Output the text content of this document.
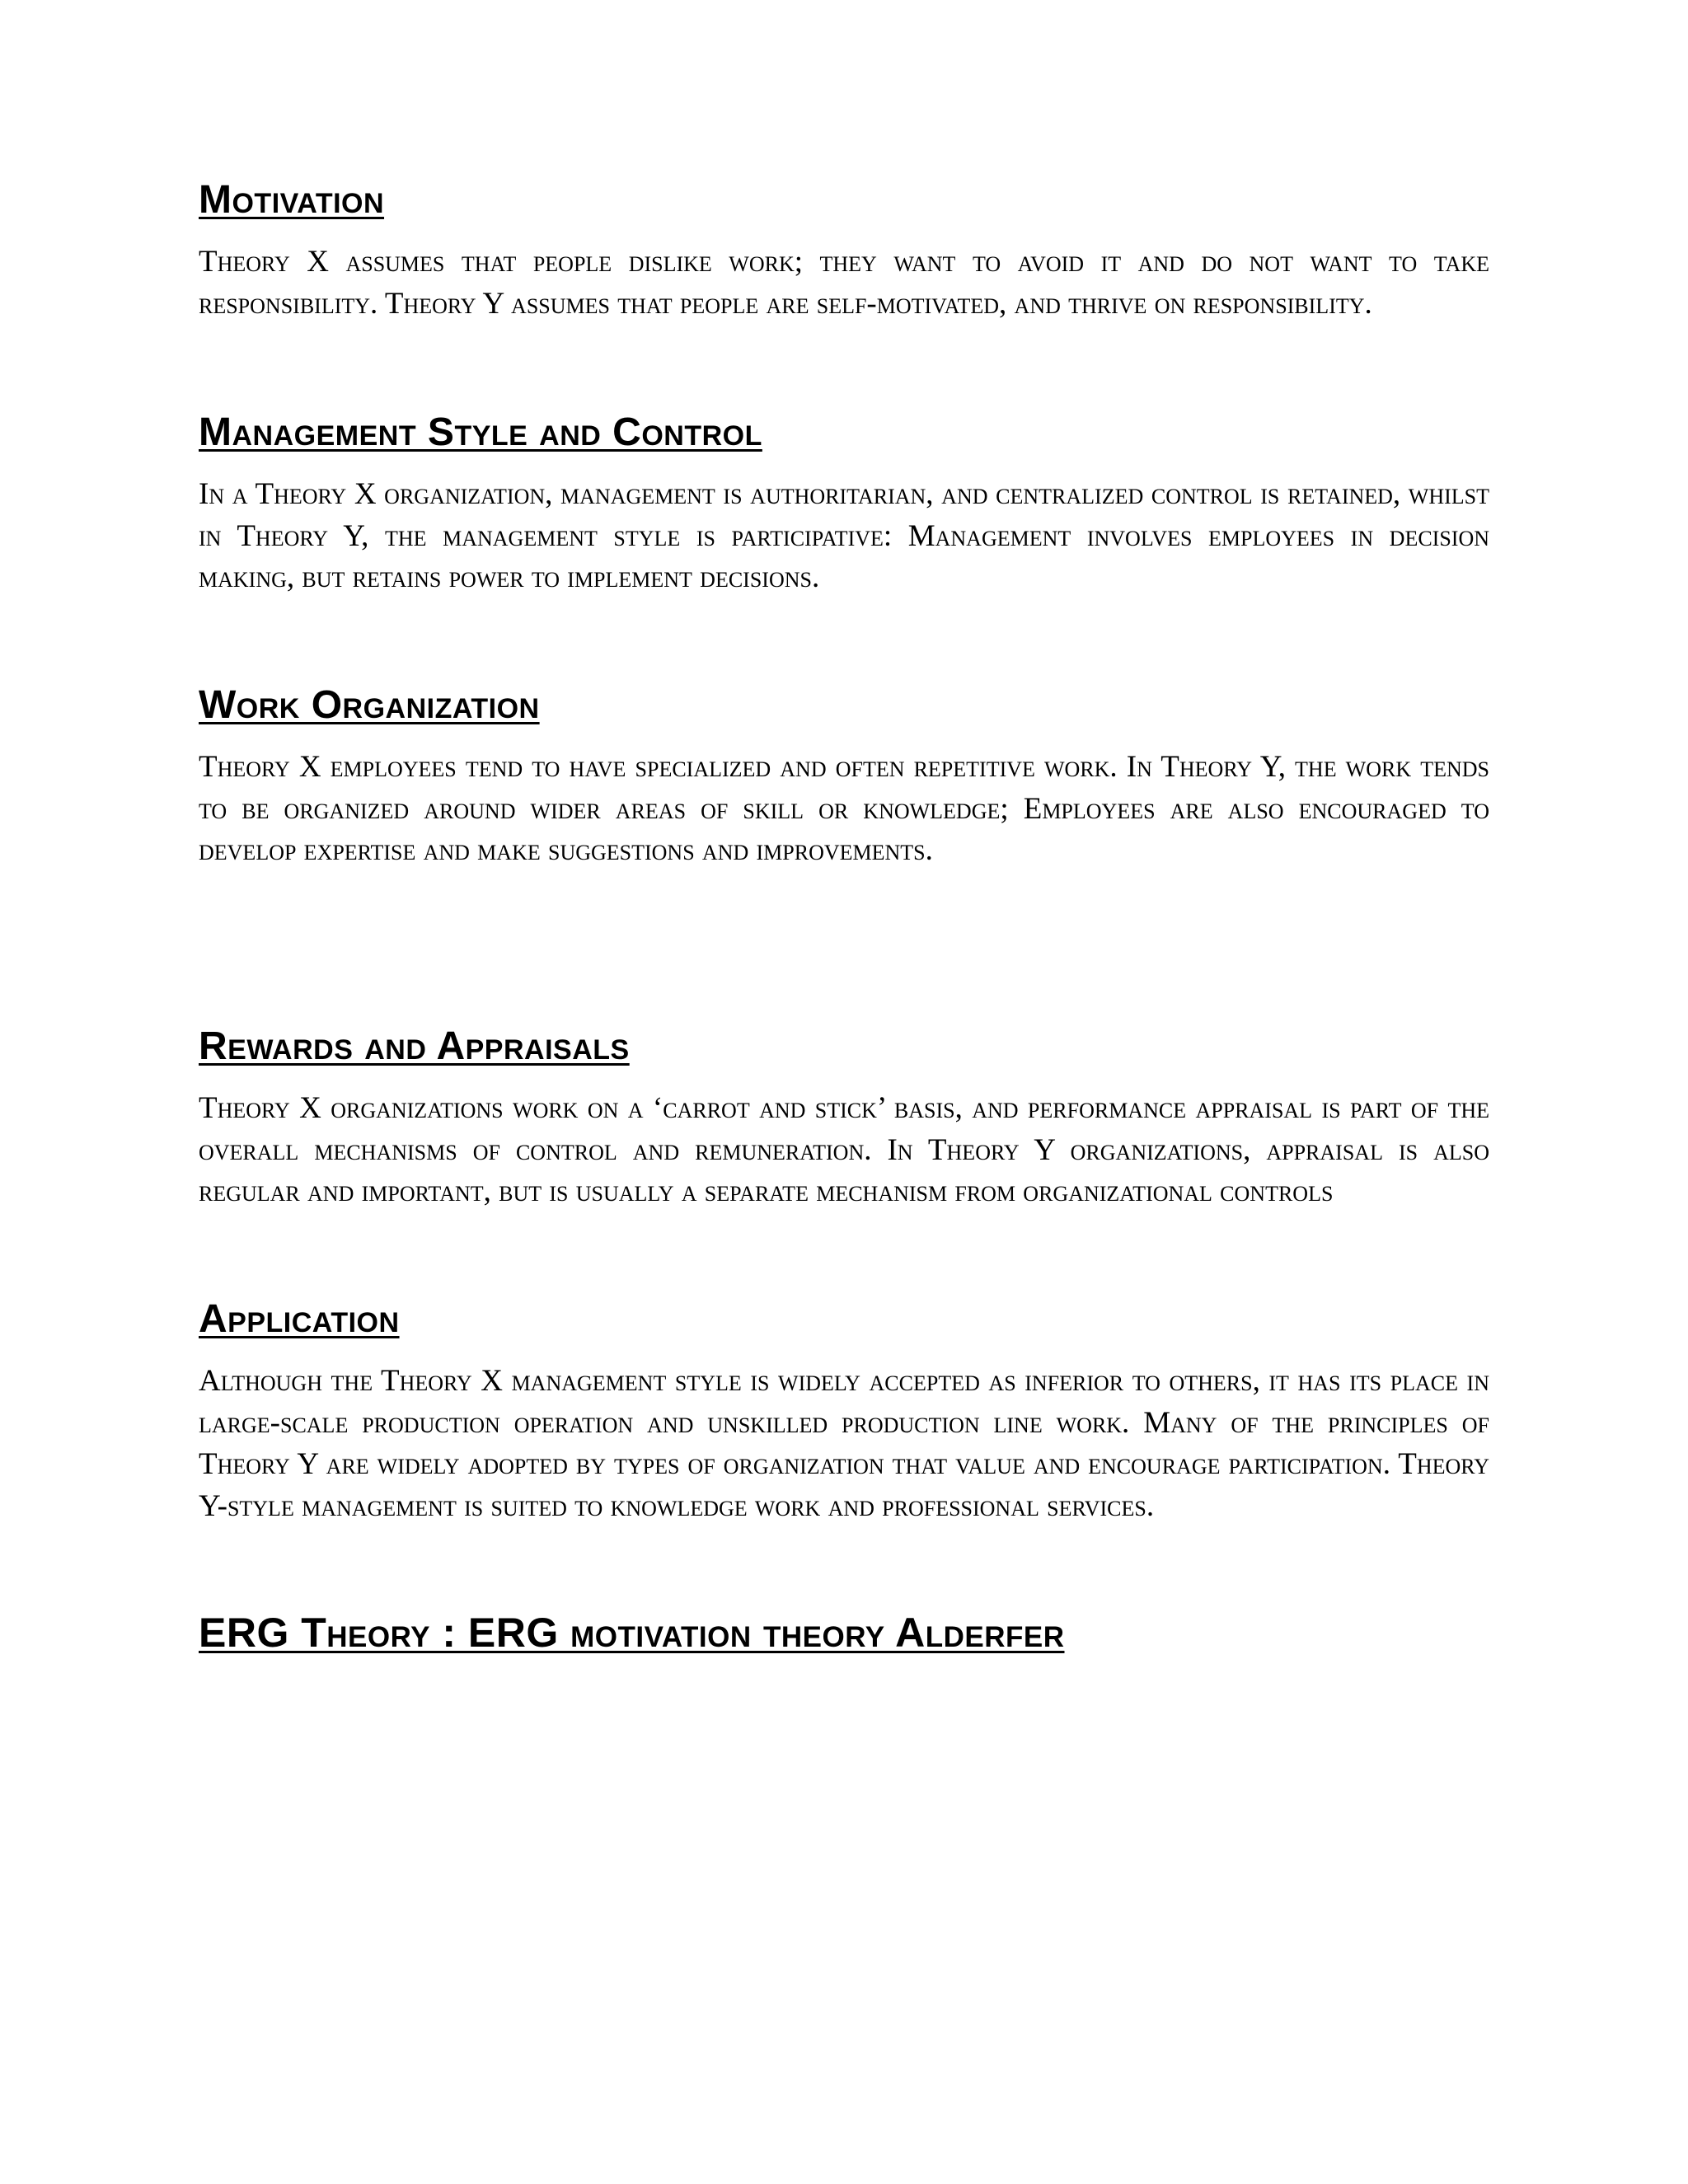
Motivation

Theory X assumes that people dislike work; they want to avoid it and do not want to take responsibility. Theory Y assumes that people are self-motivated, and thrive on responsibility.

Management Style and Control

In a Theory X organization, management is authoritarian, and centralized control is retained, whilst in Theory Y, the management style is participative: Management involves employees in decision making, but retains power to implement decisions.

Work Organization

Theory X employees tend to have specialized and often repetitive work. In Theory Y, the work tends to be organized around wider areas of skill or knowledge; Employees are also encouraged to develop expertise and make suggestions and improvements.

Rewards and Appraisals

Theory X organizations work on a ‘carrot and stick’ basis, and performance appraisal is part of the overall mechanisms of control and remuneration. In Theory Y organizations, appraisal is also regular and important, but is usually a separate mechanism from organizational controls

Application

Although the Theory X management style is widely accepted as inferior to others, it has its place in large-scale production operation and unskilled production line work. Many of the principles of Theory Y are widely adopted by types of organization that value and encourage participation. Theory Y-style management is suited to knowledge work and professional services.

ERG Theory : ERG motivation theory Alderfer
